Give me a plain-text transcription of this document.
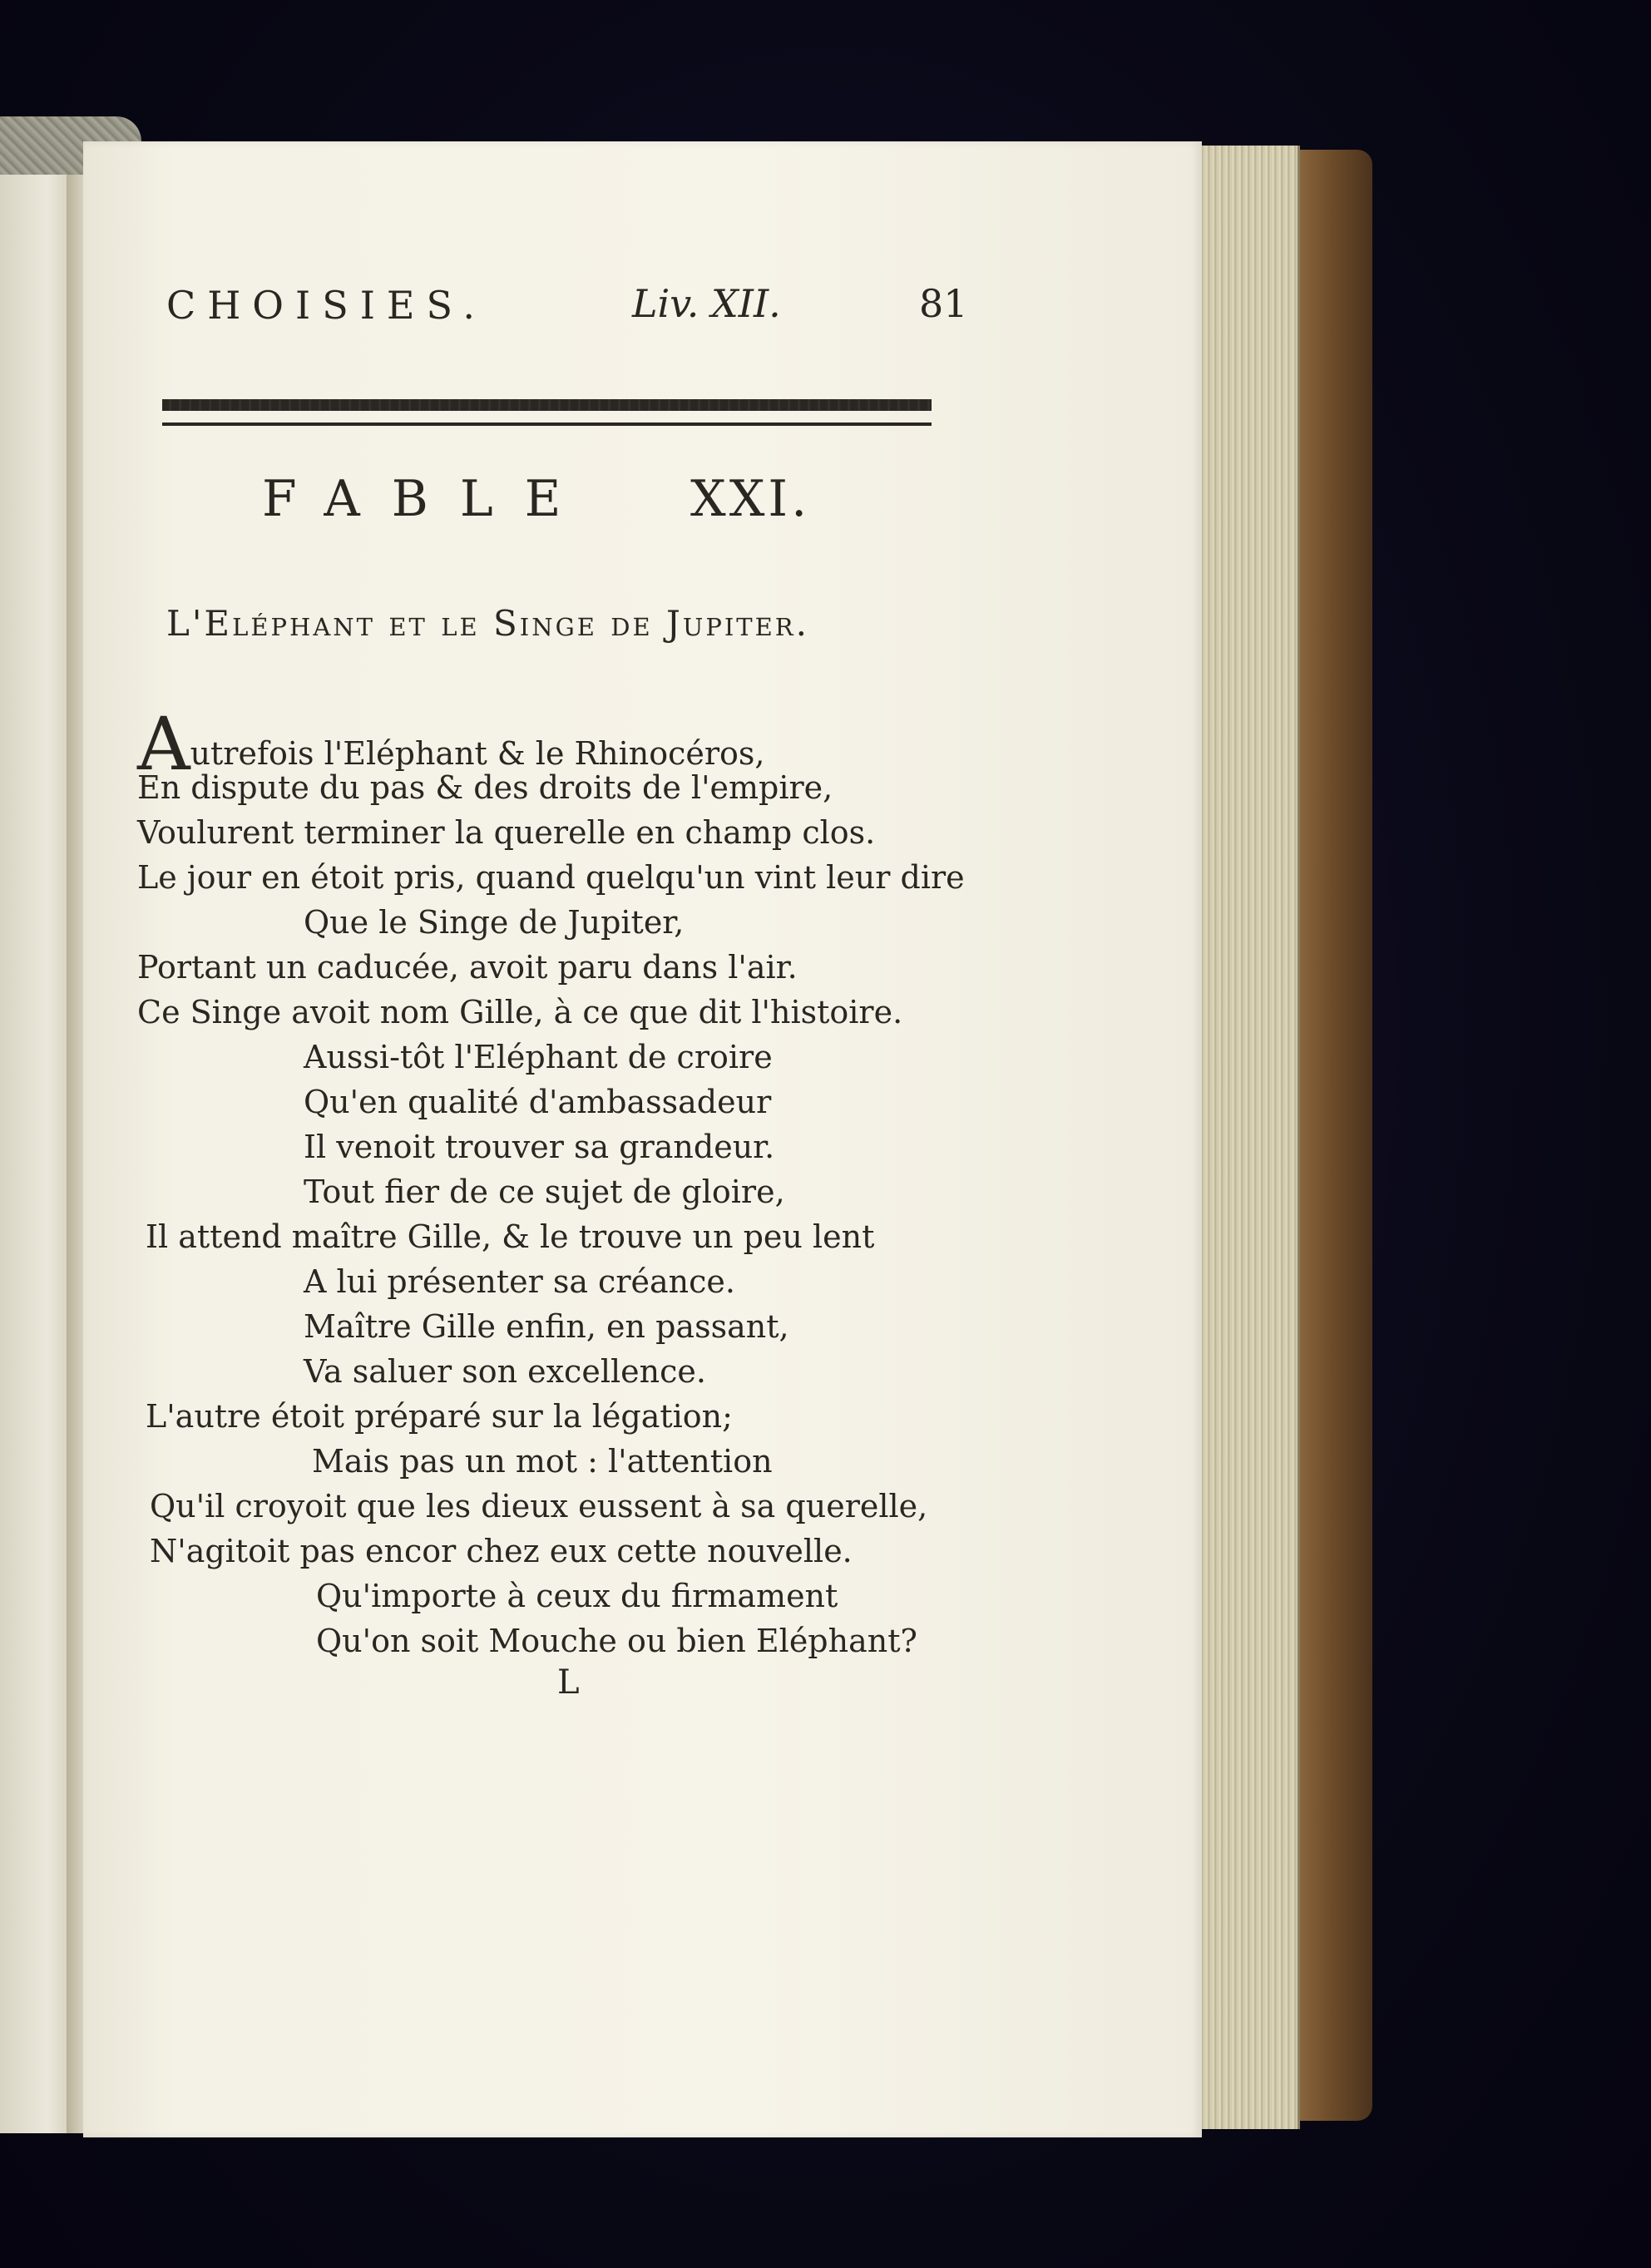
CHOISIES.	Liv. XII.	81
FABLE XXI.
L'Eléphant et le Singe de Jupiter.
Autrefois l'Eléphant & le Rhinocéros,
En dispute du pas & des droits de l'empire,
Voulurent terminer la querelle en champ clos.
Le jour en étoit pris, quand quelqu'un vint leur dire
Que le Singe de Jupiter,
Portant un caducée, avoit paru dans l'air.
Ce Singe avoit nom Gille, à ce que dit l'histoire.
Aussi-tôt l'Eléphant de croire
Qu'en qualité d'ambassadeur
Il venoit trouver sa grandeur.
Tout fier de ce sujet de gloire,
Il attend maître Gille, & le trouve un peu lent
A lui présenter sa créance.
Maître Gille enfin, en passant,
Va saluer son excellence.
L'autre étoit préparé sur la légation;
Mais pas un mot : l'attention
Qu'il croyoit que les dieux eussent à sa querelle,
N'agitoit pas encor chez eux cette nouvelle.
Qu'importe à ceux du firmament
Qu'on soit Mouche ou bien Eléphant?
L
